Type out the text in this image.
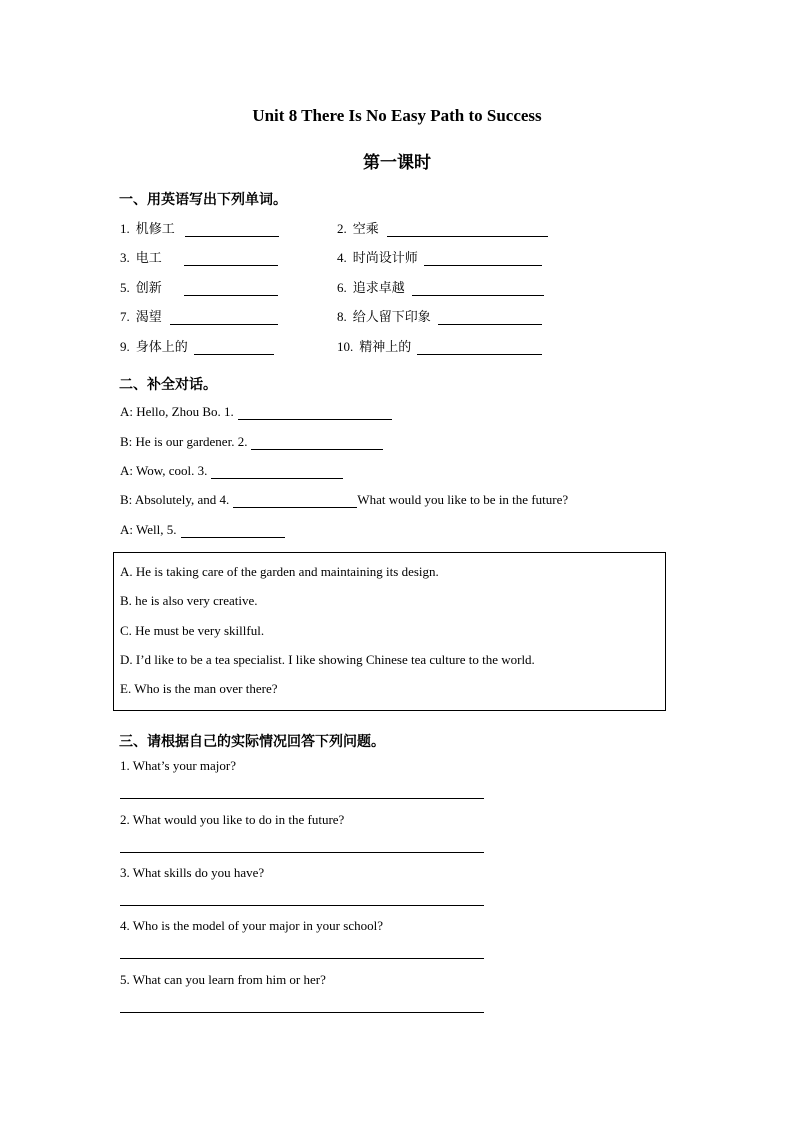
Unit 8 There Is No Easy Path to Success
第一课时
一、用英语写出下列单词。
1. 机修工	2. 空乘
3. 电工	4. 时尚设计师
5. 创新	6. 追求卓越
7. 渴望	8. 给人留下印象
9. 身体上的	10. 精神上的
二、补全对话。
A: Hello, Zhou Bo. 1.
B: He is our gardener. 2.
A: Wow, cool. 3.
B: Absolutely, and 4.	What would you like to be in the future?
A: Well, 5.
A. He is taking care of the garden and maintaining its design.
B. he is also very creative.
C. He must be very skillful.
D. I’d like to be a tea specialist. I like showing Chinese tea culture to the world.
E. Who is the man over there?
三、请根据自己的实际情况回答下列问题。
1. What’s your major?
2. What would you like to do in the future?
3. What skills do you have?
4. Who is the model of your major in your school?
5. What can you learn from him or her?
